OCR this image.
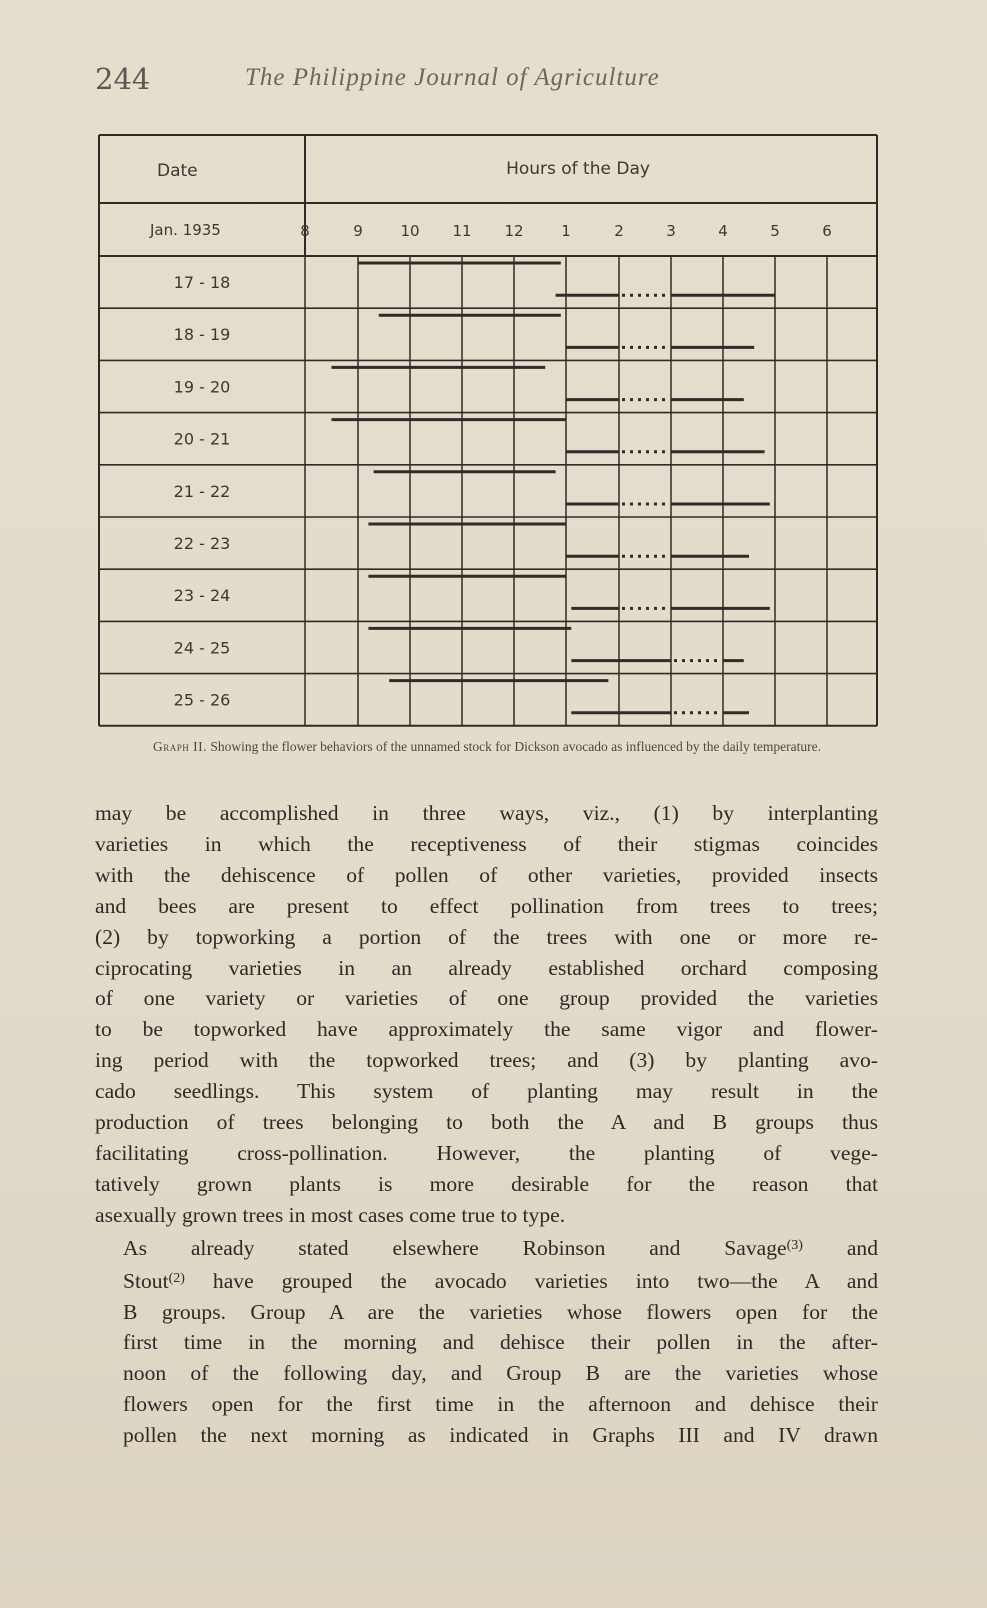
244	The Philippine Journal of Agriculture
Date	Hours of the Day
Jan. 1935	8	9	10 11 12	1	2	3	4	5	6
17 - 18
18 - 19
19 - 20
20 - 21
21 - 22
22 - 23
23 - 24
24 - 25
25 - 26
Graph II. Showing the flower behaviors of the unnamed stock for Dickson avocado as influenced by the daily temperature.

may be accomplished in three ways, viz., (1) by interplanting
varieties in which the receptiveness of their stigmas coincides
with the dehiscence of pollen of other varieties, provided insects
and bees are present to effect pollination from trees to trees;
(2) by topworking a portion of the trees with one or more re-
ciprocating varieties in an already established orchard composing
of one variety or varieties of one group provided the varieties
to be topworked have approximately the same vigor and flower-
ing period with the topworked trees; and (3) by planting avo-
cado seedlings. This system of planting may result in the
production of trees belonging to both the A and B groups thus
facilitating cross-pollination. However, the planting of vege-
tatively grown plants is more desirable for the reason that
asexually grown trees in most cases come true to type.

As already stated elsewhere Robinson and Savage$^{(3)}$ and
Stout$^{(2)}$ have grouped the avocado varieties into two—the A and
B groups. Group A are the varieties whose flowers open for the
first time in the morning and dehisce their pollen in the after-
noon of the following day, and Group B are the varieties whose
flowers open for the first time in the afternoon and dehisce their
pollen the next morning as indicated in Graphs III and IV drawn
